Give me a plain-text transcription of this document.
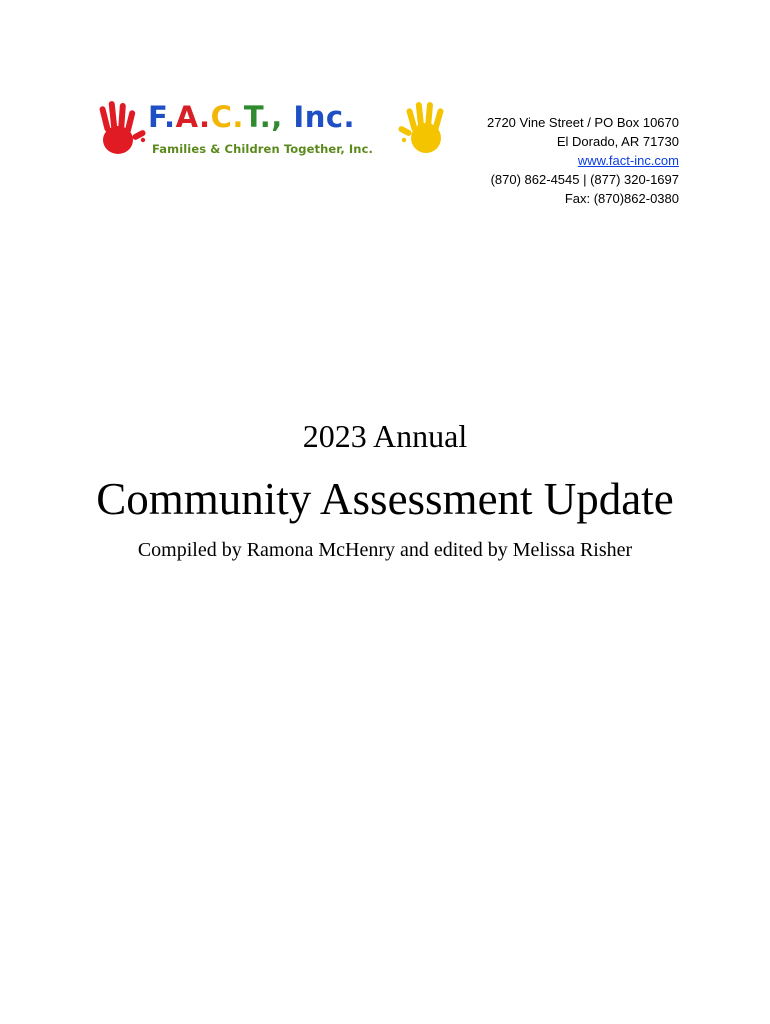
F.A.C.T., Inc.
Families & Children Together, Inc.
2720 Vine Street / PO Box 10670
El Dorado, AR 71730
www.fact-inc.com
(870) 862-4545 | (877) 320-1697
Fax: (870)862-0380
2023 Annual
Community Assessment Update
Compiled by Ramona McHenry and edited by Melissa Risher
